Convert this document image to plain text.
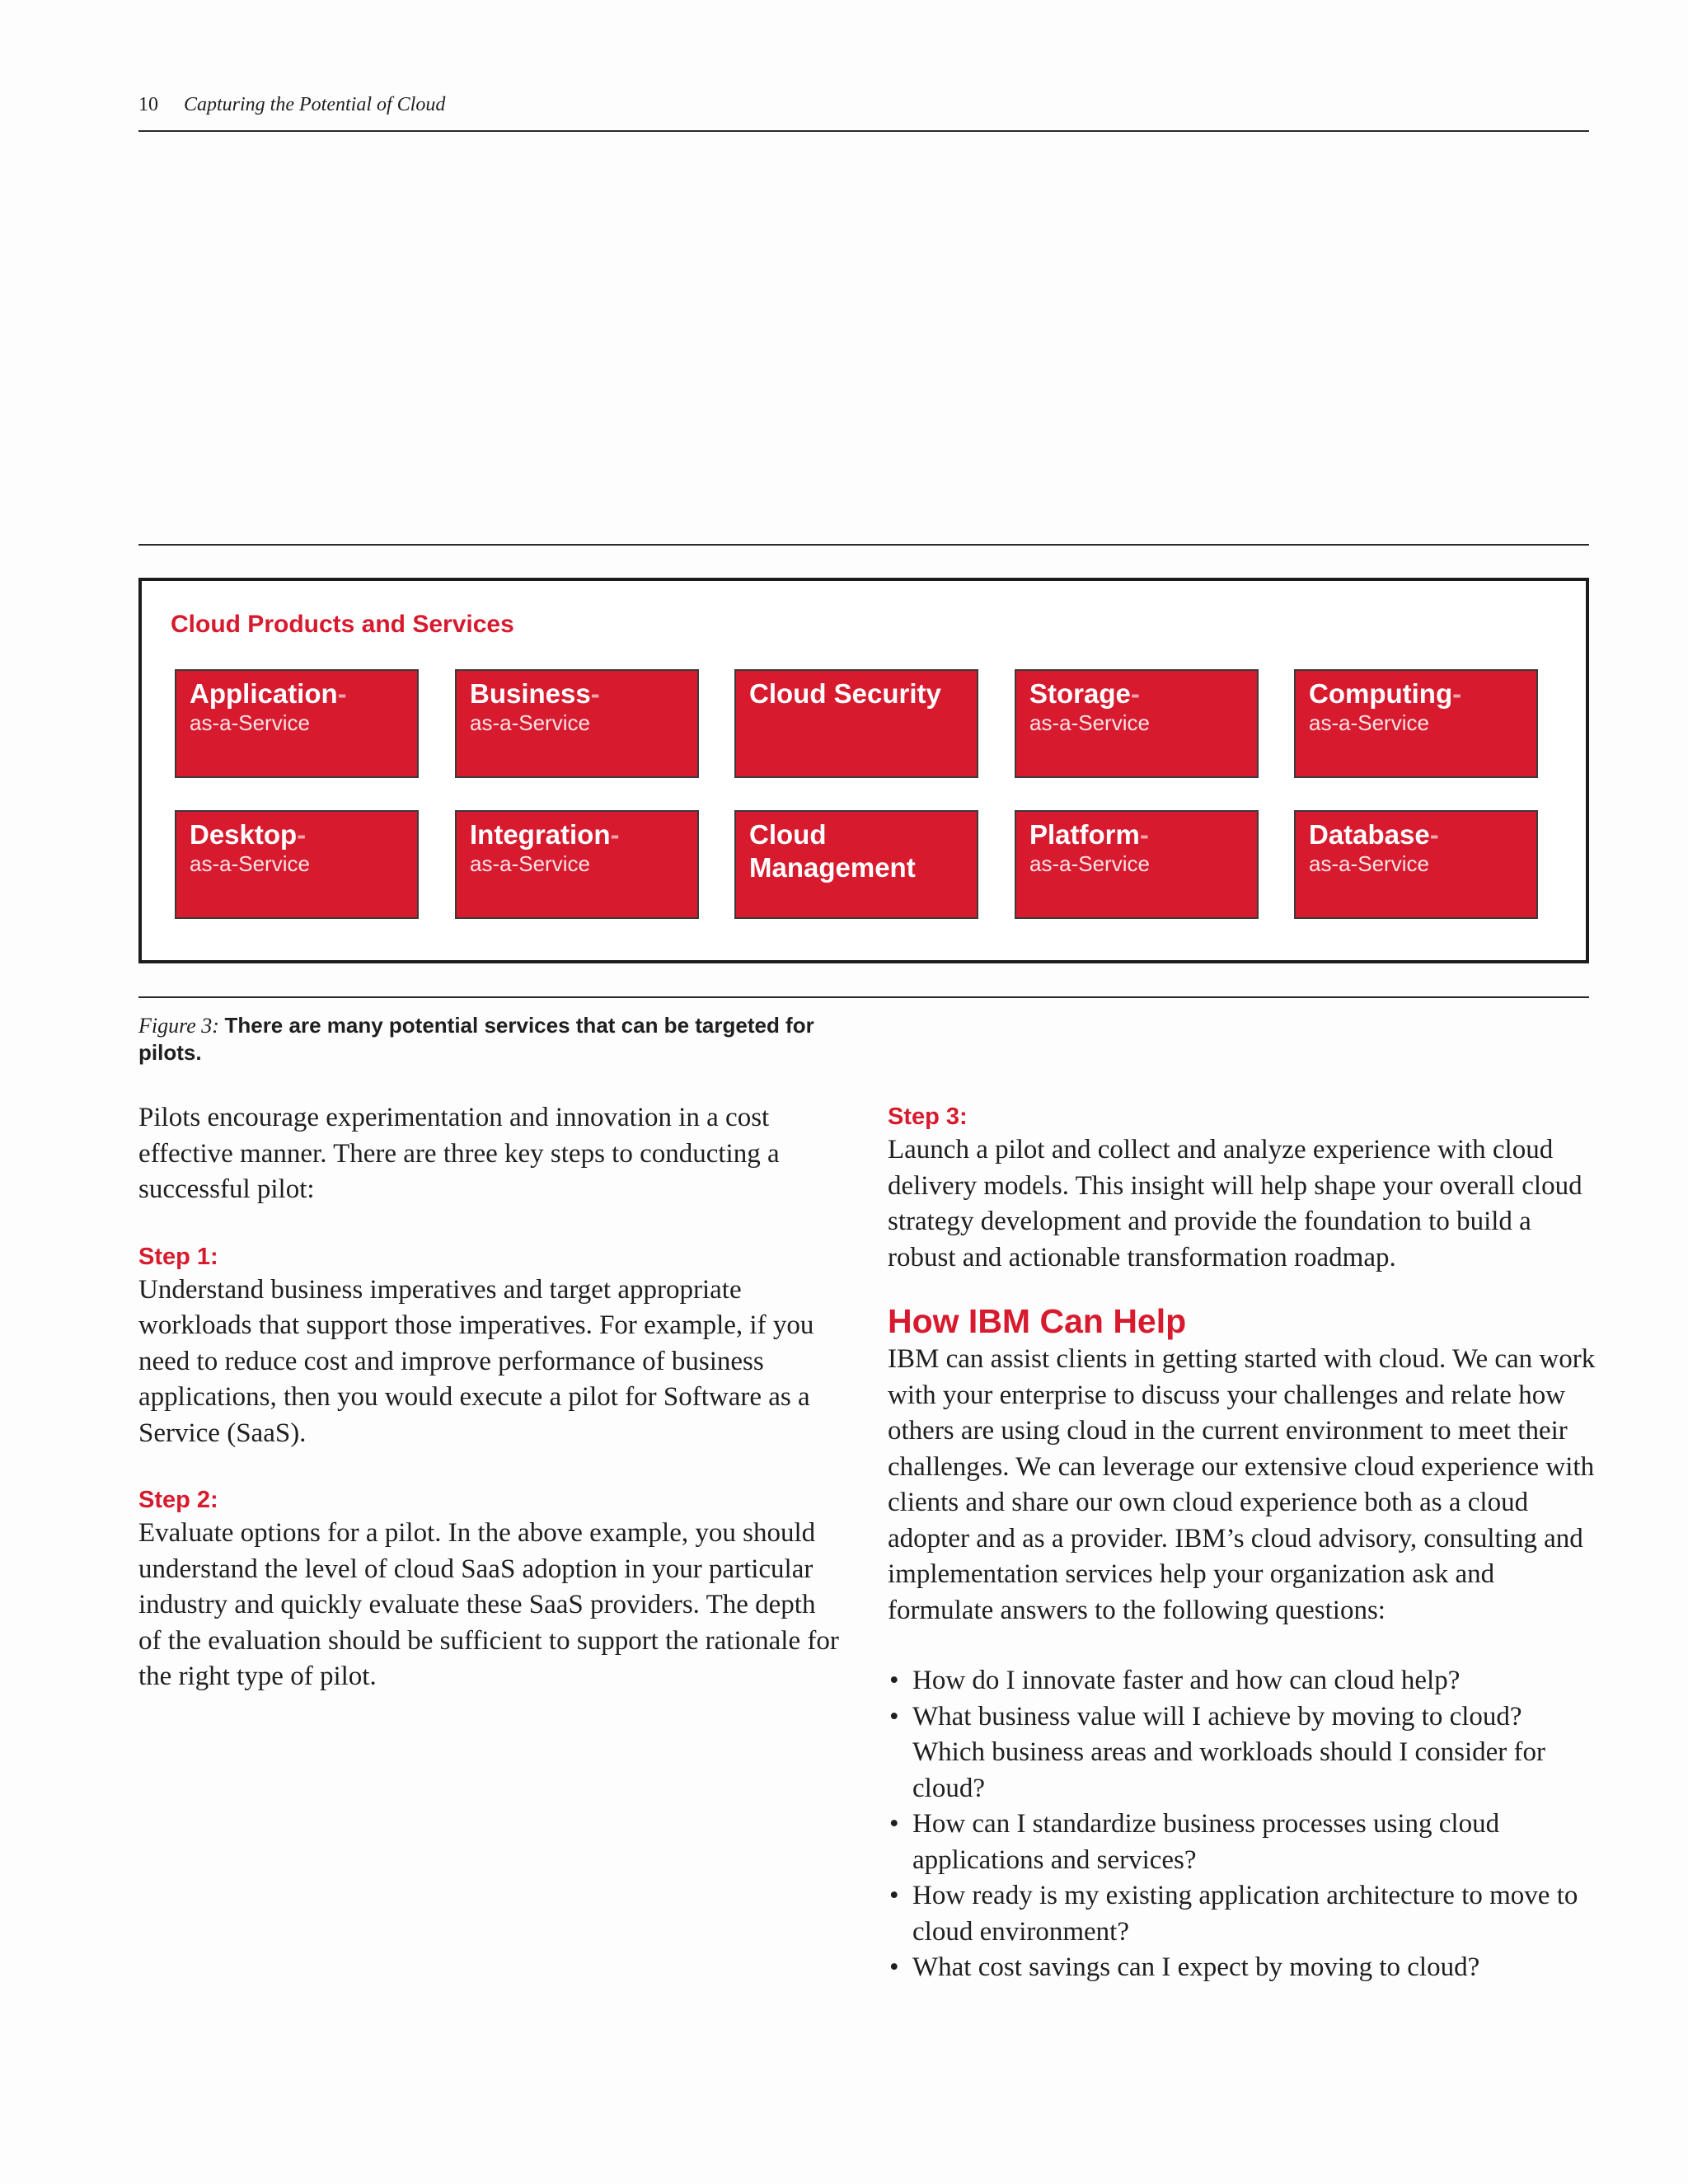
10 Capturing the Potential of Cloud
Cloud Products and Services
Application-
as-a-Service
Business-
as-a-Service
Cloud Security	Storage-
as-a-Service
Computing-
as-a-Service
Desktop-
as-a-Service
Integration-
as-a-Service
Cloud Management
Platform-
as-a-Service
Database-
as-a-Service
Figure 3: There are many potential services that can be targeted for pilots.

Pilots encourage experimentation and innovation in a cost effective manner. There are three key steps to conducting a successful pilot:

Step 1:

Understand business imperatives and target appropriate workloads that support those imperatives. For example, if you need to reduce cost and improve performance of business applications, then you would execute a pilot for Software as a Service (SaaS).

Step 2:

Evaluate options for a pilot. In the above example, you should understand the level of cloud SaaS adoption in your particular industry and quickly evaluate these SaaS providers. The depth of the evaluation should be sufficient to support the rationale for the right type of pilot.

Step 3:

Launch a pilot and collect and analyze experience with cloud delivery models. This insight will help shape your overall cloud strategy development and provide the foundation to build a robust and actionable transformation roadmap.

How IBM Can Help

IBM can assist clients in getting started with cloud. We can work with your enterprise to discuss your challenges and relate how others are using cloud in the current environment to meet their challenges. We can leverage our extensive cloud experience with clients and share our own cloud experience both as a cloud adopter and as a provider. IBM’s cloud advisory, consulting and implementation services help your organization ask and formulate answers to the following questions:

• How do I innovate faster and how can cloud help?
• What business value will I achieve by moving to cloud? Which business areas and workloads should I consider for cloud?
• How can I standardize business processes using cloud applications and services?
• How ready is my existing application architecture to move to cloud environment?
• What cost savings can I expect by moving to cloud?
